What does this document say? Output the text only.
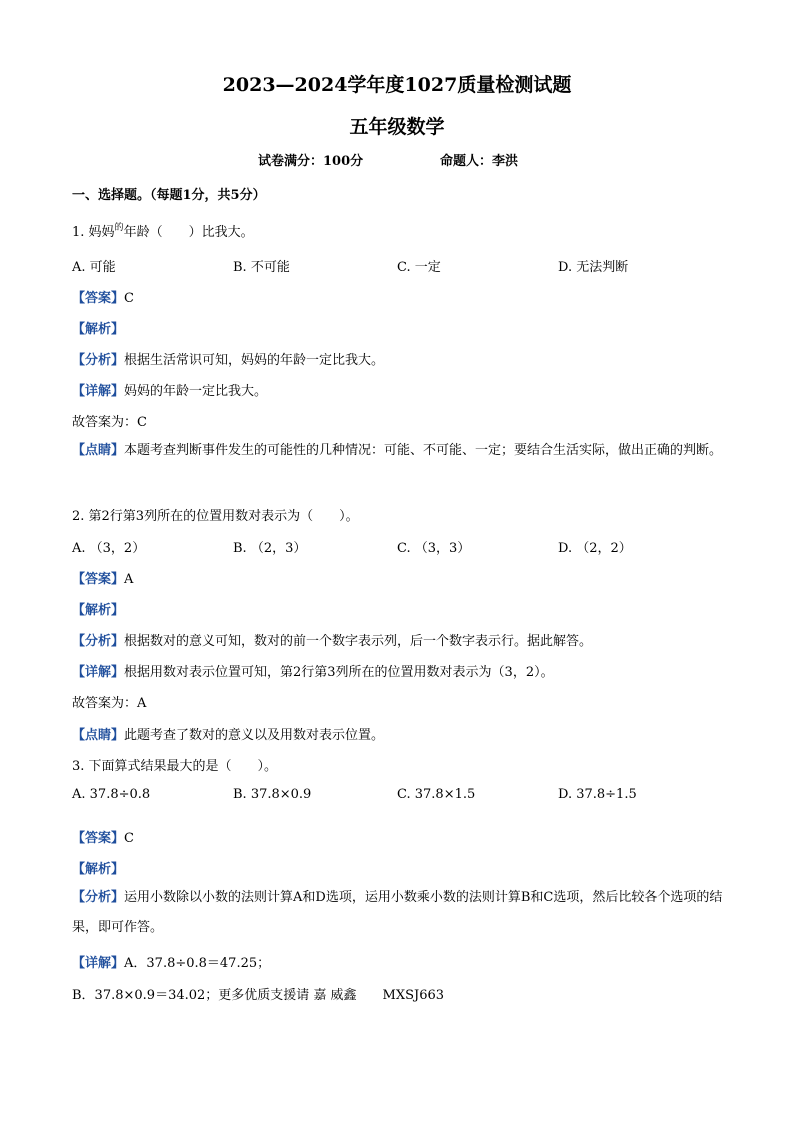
2023—2024学年度1027质量检测试题
五年级数学
试卷满分：100分	命题人：李洪
一、选择题。（每题1分，共5分）
1. 妈妈$^的$年龄（　　）比我大。
A. 可能	B. 不可能	C. 一定	D. 无法判断
【答案】C
【解析】
【分析】根据生活常识可知，妈妈的年龄一定比我大。
【详解】妈妈的年龄一定比我大。
故答案为：C
【点睛】本题考查判断事件发生的可能性的几种情况：可能、不可能、一定；要结合生活实际，做出正确的判断。
2. 第2行第3列所在的位置用数对表示为（　　）。
A. （3，2）	B. （2，3）	C. （3，3）	D. （2，2）
【答案】A
【解析】
【分析】根据数对的意义可知，数对的前一个数字表示列，后一个数字表示行。据此解答。
【详解】根据用数对表示位置可知，第2行第3列所在的位置用数对表示为（3，2）。
故答案为：A
【点睛】此题考查了数对的意义以及用数对表示位置。
3. 下面算式结果最大的是（　　）。
A. 37.8÷0.8	B. 37.8×0.9	C. 37.8×1.5	D. 37.8÷1.5
【答案】C
【解析】
【分析】运用小数除以小数的法则计算A和D选项，运用小数乘小数的法则计算B和C选项，然后比较各个选项的结果，即可作答。
【详解】A．37.8÷0.8＝47.25；
B．37.8×0.9＝34.02；更多优质支援请 嘉 威鑫　　MXSJ663
